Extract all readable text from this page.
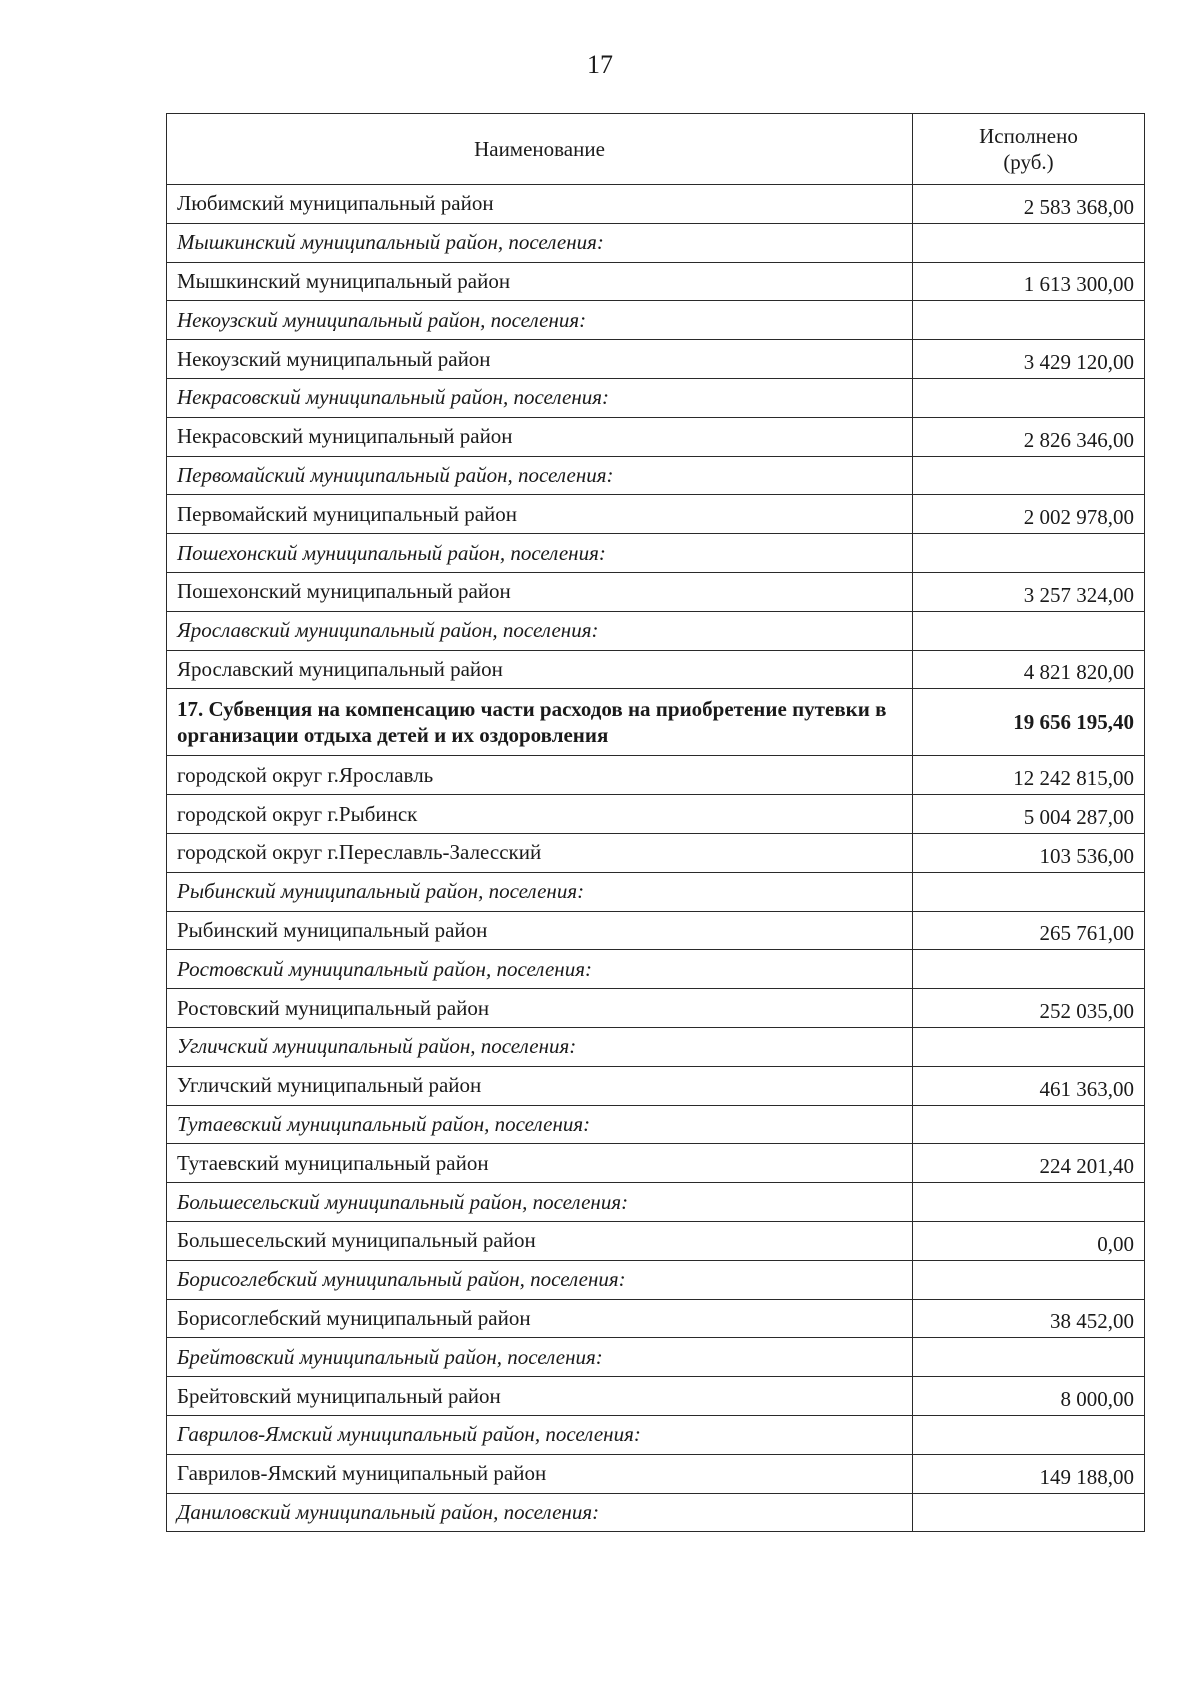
17
Наименование	Исполнено
(руб.)
Любимский муниципальный район	2 583 368,00
Мышкинский муниципальный район, поселения:	
Мышкинский муниципальный район	1 613 300,00
Некоузский муниципальный район, поселения:	
Некоузский муниципальный район	3 429 120,00
Некрасовский муниципальный район, поселения:	
Некрасовский муниципальный район	2 826 346,00
Первомайский муниципальный район, поселения:	
Первомайский муниципальный район	2 002 978,00
Пошехонский муниципальный район, поселения:	
Пошехонский муниципальный район	3 257 324,00
Ярославский муниципальный район, поселения:	
Ярославский муниципальный район	4 821 820,00
17. Субвенция на компенсацию части расходов на приобретение путевки в организации отдыха детей и их оздоровления	19 656 195,40
городской округ г.Ярославль	12 242 815,00
городской округ г.Рыбинск	5 004 287,00
городской округ г.Переславль-Залесский	103 536,00
Рыбинский муниципальный район, поселения:	
Рыбинский муниципальный район	265 761,00
Ростовский муниципальный район, поселения:	
Ростовский муниципальный район	252 035,00
Угличский муниципальный район, поселения:	
Угличский муниципальный район	461 363,00
Тутаевский муниципальный район, поселения:	
Тутаевский муниципальный район	224 201,40
Большесельский муниципальный район, поселения:	
Большесельский муниципальный район	0,00
Борисоглебский муниципальный район, поселения:	
Борисоглебский муниципальный район	38 452,00
Брейтовский муниципальный район, поселения:	
Брейтовский муниципальный район	8 000,00
Гаврилов-Ямский муниципальный район, поселения:	
Гаврилов-Ямский муниципальный район	149 188,00
Даниловский муниципальный район, поселения:	
